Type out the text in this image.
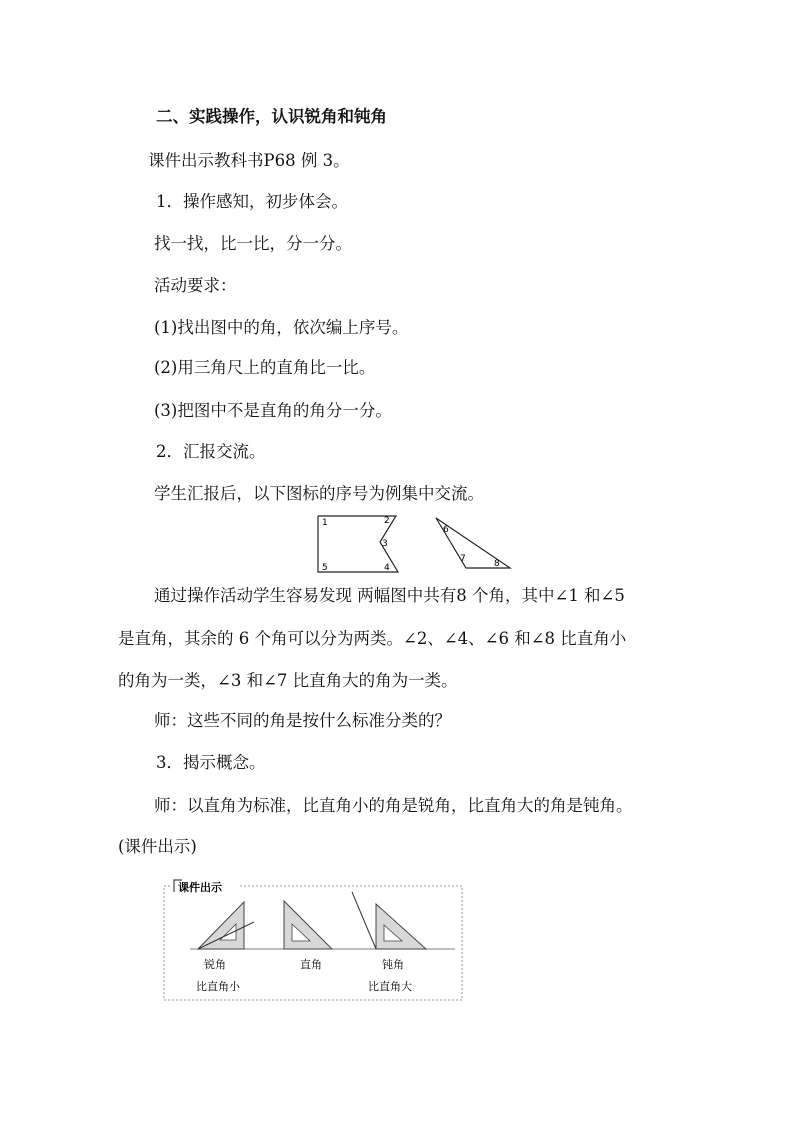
二、实践操作，认识锐角和钝角
课件出示教科书P68 例 3。
1．操作感知，初步体会。
找一找，比一比，分一分。
活动要求：
(1)找出图中的角，依次编上序号。
(2)用三角尺上的直角比一比。
(3)把图中不是直角的角分一分。
2．汇报交流。
学生汇报后，以下图标的序号为例集中交流。
1	2
3
4
5
6
7	8
通过操作活动学生容易发现 两幅图中共有8 个角，其中∠1 和∠5
是直角，其余的 6 个角可以分为两类。∠2、∠4、∠6 和∠8 比直角小
的角为一类，∠3 和∠7 比直角大的角为一类。
师：这些不同的角是按什么标准分类的？
3．揭示概念。
师：以直角为标准，比直角小的角是锐角，比直角大的角是钝角。
(课件出示)
课件出示
锐角
比直角小
直角	钝角
比直角大
